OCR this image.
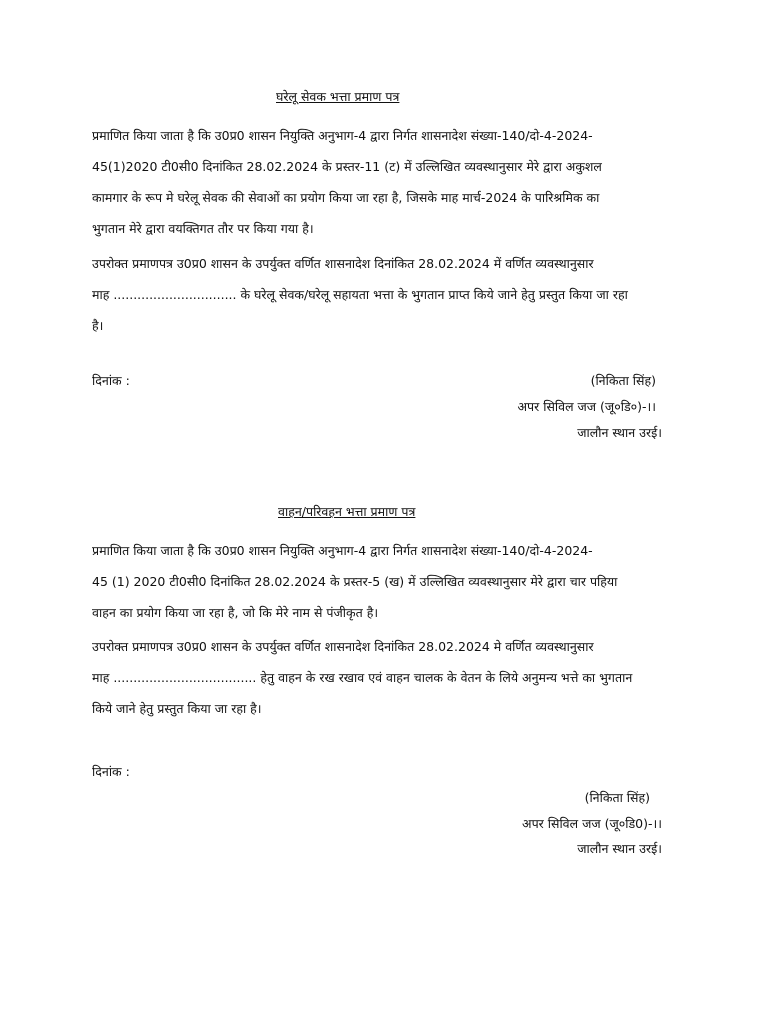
घरेलू सेवक भत्ता प्रमाण पत्र

प्रमाणित किया जाता है कि उ0प्र0 शासन नियुक्ति अनुभाग-4 द्वारा निर्गत शासनादेश संख्या-140/दो-4-2024-
45(1)2020 टी0सी0 दिनांकित 28.02.2024 के प्रस्तर-11 (ट) में उल्लिखित व्यवस्थानुसार मेरे द्वारा अकुशल
कामगार के रूप मे घरेलू सेवक की सेवाओं का प्रयोग किया जा रहा है, जिसके माह मार्च-2024 के पारिश्रमिक का
भुगतान मेरे द्वारा वयक्तिगत तौर पर किया गया है।

उपरोक्त प्रमाणपत्र उ0प्र0 शासन के उपर्युक्त वर्णित शासनादेश दिनांकित 28.02.2024 में वर्णित व्यवस्थानुसार
माह ............................... के घरेलू सेवक/घरेलू सहायता भत्ता के भुगतान प्राप्त किये जाने हेतु प्रस्तुत किया जा रहा
है।

दिनांक :	(निकिता सिंह)
अपर सिविल जज (जू०डि०)-।।
जालौन स्थान उरई।
वाहन/परिवहन भत्ता प्रमाण पत्र

प्रमाणित किया जाता है कि उ0प्र0 शासन नियुक्ति अनुभाग-4 द्वारा निर्गत शासनादेश संख्या-140/दो-4-2024-
45 (1) 2020 टी0सी0 दिनांकित 28.02.2024 के प्रस्तर-5 (ख) में उल्लिखित व्यवस्थानुसार मेरे द्वारा चार पहिया
वाहन का प्रयोग किया जा रहा है, जो कि मेरे नाम से पंजीकृत है।

उपरोक्त प्रमाणपत्र उ0प्र0 शासन के उपर्युक्त वर्णित शासनादेश दिनांकित 28.02.2024 मे वर्णित व्यवस्थानुसार
माह .................................... हेतु वाहन के रख रखाव एवं वाहन चालक के वेतन के लिये अनुमन्य भत्ते का भुगतान
किये जाने हेतु प्रस्तुत किया जा रहा है।

दिनांक :
(निकिता सिंह)
अपर सिविल जज (जू०डि0)-।।
जालौन स्थान उरई।
